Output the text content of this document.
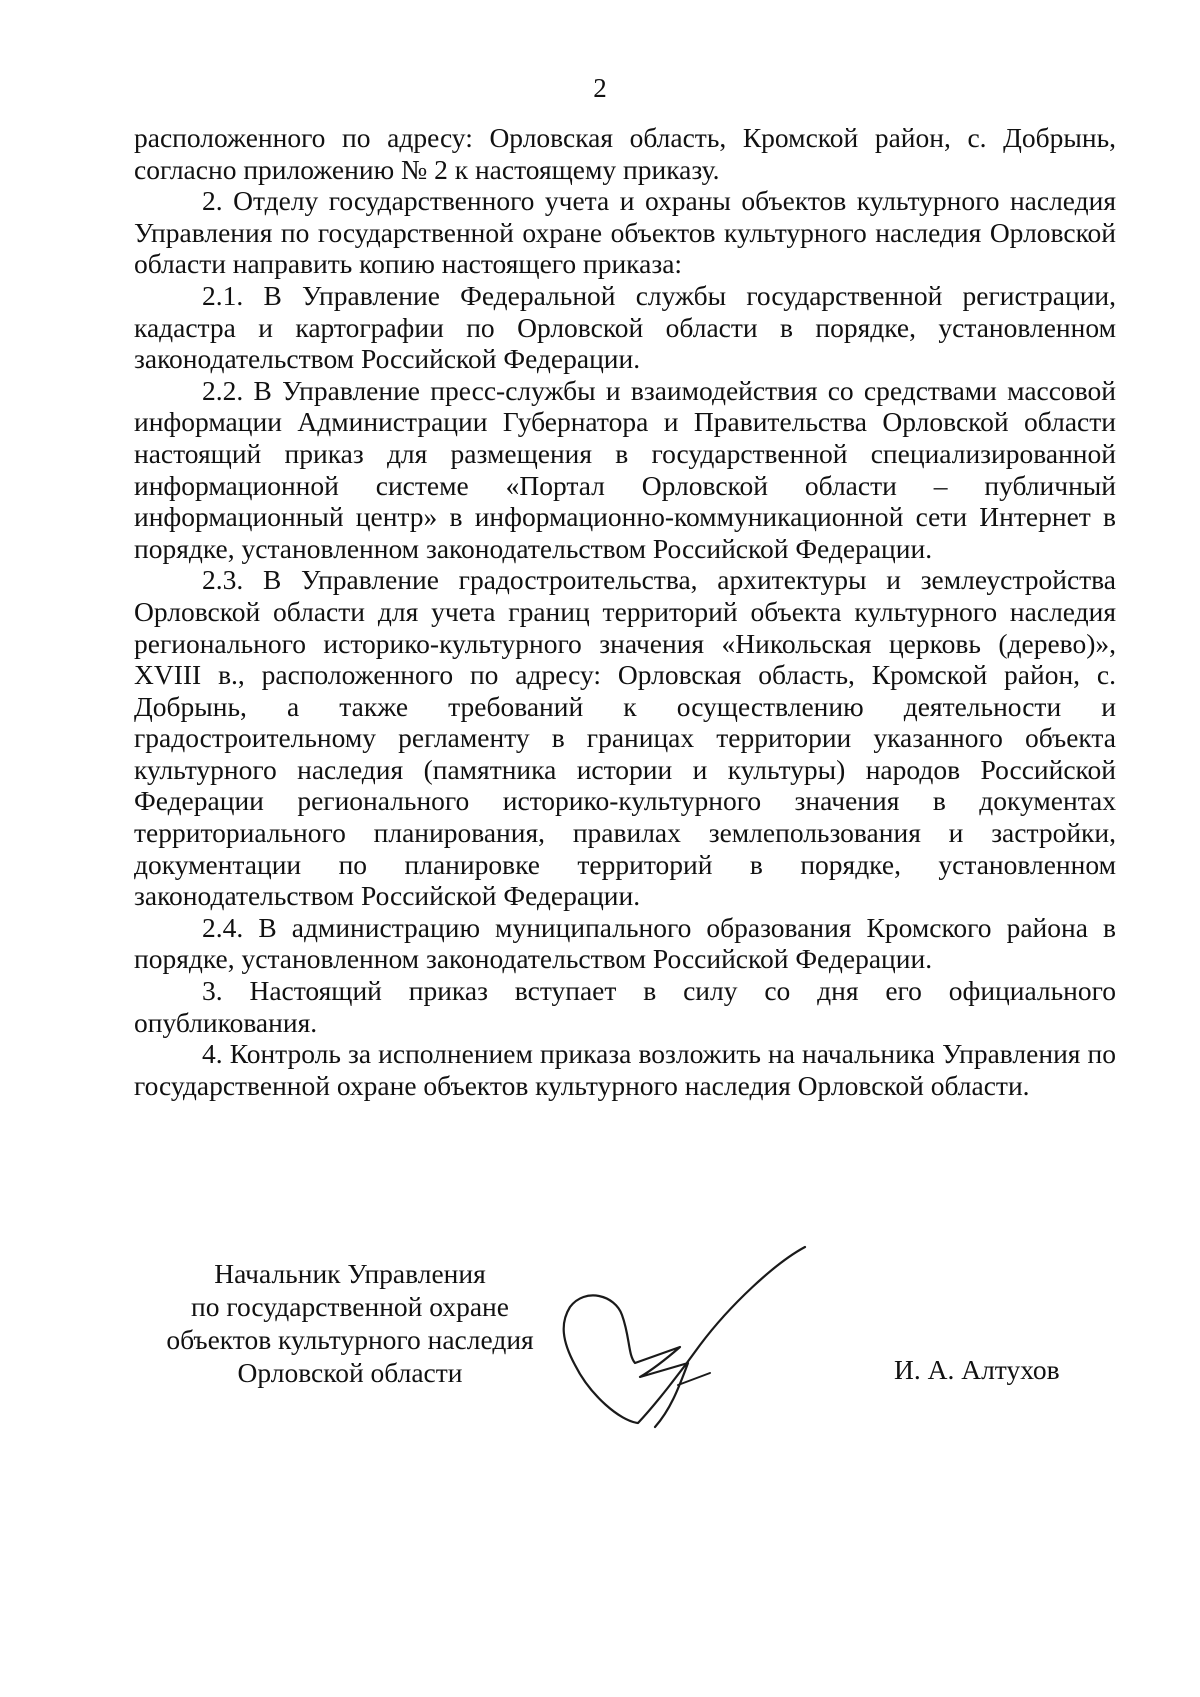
2

расположенного по адресу: Орловская область, Кромской район, с. Добрынь, согласно приложению № 2 к настоящему приказу.

2. Отделу государственного учета и охраны объектов культурного наследия Управления по государственной охране объектов культурного наследия Орловской области направить копию настоящего приказа:

2.1. В Управление Федеральной службы государственной регистрации, кадастра и картографии по Орловской области в порядке, установленном законодательством Российской Федерации.

2.2. В Управление пресс-службы и взаимодействия со средствами массовой информации Администрации Губернатора и Правительства Орловской области настоящий приказ для размещения в государственной специализированной информационной системе «Портал Орловской области – публичный информационный центр» в информационно-коммуникационной сети Интернет в порядке, установленном законодательством Российской Федерации.

2.3. В Управление градостроительства, архитектуры и землеустройства Орловской области для учета границ территорий объекта культурного наследия регионального историко-культурного значения «Никольская церковь (дерево)», XVIII в., расположенного по адресу: Орловская область, Кромской район, с. Добрынь, а также требований к осуществлению деятельности и градостроительному регламенту в границах территории указанного объекта культурного наследия (памятника истории и культуры) народов Российской Федерации регионального историко-культурного значения в документах территориального планирования, правилах землепользования и застройки, документации по планировке территорий в порядке, установленном законодательством Российской Федерации.

2.4. В администрацию муниципального образования Кромского района в порядке, установленном законодательством Российской Федерации.

3. Настоящий приказ вступает в силу со дня его официального опубликования.

4. Контроль за исполнением приказа возложить на начальника Управления по государственной охране объектов культурного наследия Орловской области.

Начальник Управления
по государственной охране
объектов культурного наследия
Орловской области	И. А. Алтухов
